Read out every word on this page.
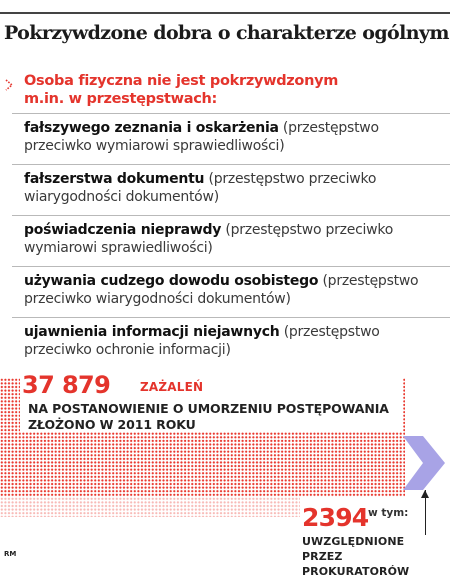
Pokrzywdzone dobra o charakterze ogólnym
Osoba fizyczna nie jest pokrzywdzonym
m.in. w przestępstwach:
fałszywego zeznania i oskarżenia (przestępstwo przeciwko wymiarowi sprawiedliwości)
fałszerstwa dokumentu (przestępstwo przeciwko wiarygodności dokumentów)
poświadczenia nieprawdy (przestępstwo przeciwko wymiarowi sprawiedliwości)
używania cudzego dowodu osobistego (przestępstwo przeciwko wiarygodności dokumentów)
ujawnienia informacji niejawnych (przestępstwo przeciwko ochronie informacji)
37 879 ZAŻALEŃ
NA POSTANOWIENIE O UMORZENIU POSTĘPOWANIA
ZŁOŻONO W 2011 ROKU
2394 w tym:
UWZGLĘDNIONE
PRZEZ PROKURATORÓW
RM
